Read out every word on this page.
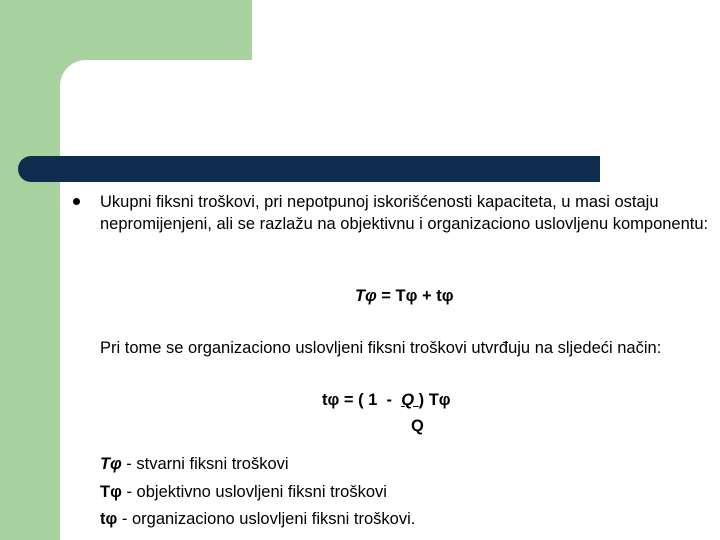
Ukupni fiksni troškovi, pri nepotpunoj iskorišćenosti kapaciteta, u masi ostaju nepromijenjeni, ali se razlažu na objektivnu i organizaciono uslovljenu komponentu:
Tφ = Tφ + tφ
Pri tome se organizaciono uslovljeni fiksni troškovi utvrđuju na sljedeći način:
tφ = ( 1  -  Q ) Tφ
Q
Tφ - stvarni fiksni troškovi
Tφ - objektivno uslovljeni fiksni troškovi
tφ - organizaciono uslovljeni fiksni troškovi.
